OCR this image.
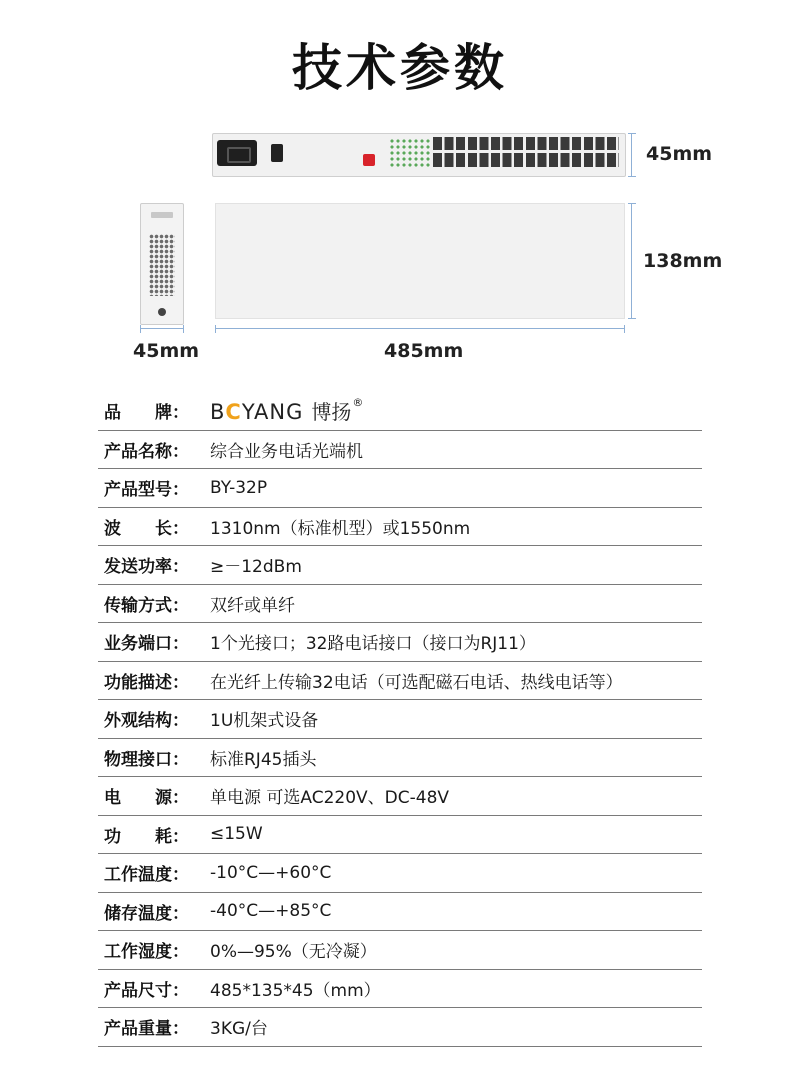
技术参数
45mm
45mm
138mm
485mm
品　　牌：	BCYANG 博扬®
产品名称：	综合业务电话光端机
产品型号：	BY-32P
波　　长：	1310nm（标准机型）或1550nm
发送功率：	≥－12dBm
传输方式：	双纤或单纤
业务端口：	1个光接口；32路电话接口（接口为RJ11）
功能描述：	在光纤上传输32电话（可选配磁石电话、热线电话等）
外观结构：	1U机架式设备
物理接口：	标准RJ45插头
电　　源：	单电源 可选AC220V、DC-48V
功　　耗：	≤15W
工作温度：	-10°C—+60°C
储存温度：	-40°C—+85°C
工作湿度：	0%—95%（无冷凝）
产品尺寸：	485*135*45（mm）
产品重量：	3KG/台
